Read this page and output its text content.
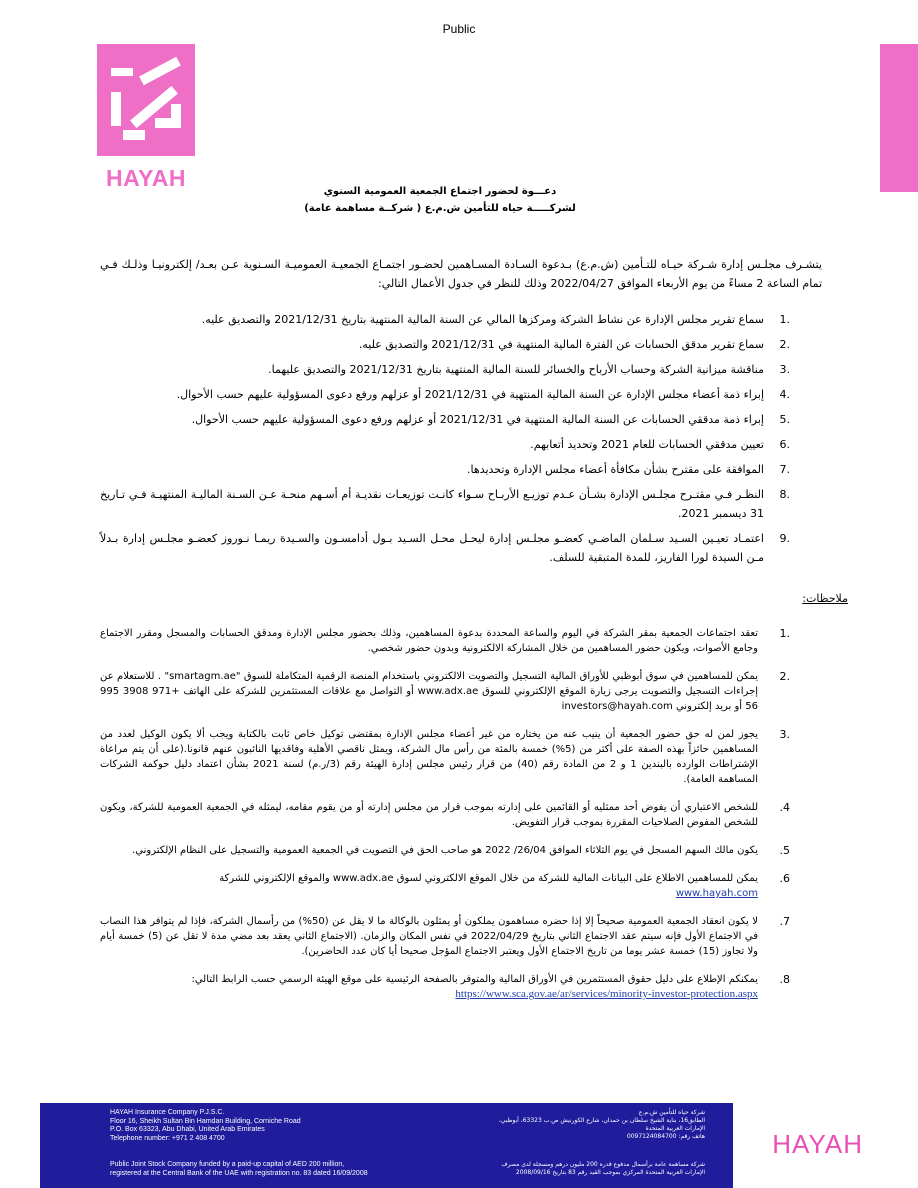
Public
HAYAH
دعـــوة لحضور اجتماع الجمعية العمومية السنوي
لشركـــــة حياه للتأمين ش.م.ع ( شركــة مساهمة عامة)
يتشـرف مجلـس إدارة شـركة حيـاه للتـأمين (ش.م.ع) بـدعوة السـادة المسـاهمين لحضـور اجتمـاع الجمعيـة العموميـة السـنوية عـن بعـد/ إلكترونيـا وذلـك فـي تمام الساعة 2 مساءً من يوم الأربعاء الموافق 2022/04/27 وذلك للنظر في جدول الأعمال التالي:
1.
سماع تقرير مجلس الإدارة عن نشاط الشركة ومركزها المالي عن السنة المالية المنتهية بتاريخ 2021/12/31 والتصديق عليه.
2.
سماع تقرير مدقق الحسابات عن الفترة المالية المنتهية في 2021/12/31 والتصديق عليه.
3.
مناقشة ميزانية الشركة وحساب الأرباح والخسائر للسنة المالية المنتهية بتاريخ 2021/12/31 والتصديق عليهما.
4.
إبراء ذمة أعضاء مجلس الإدارة عن السنة المالية المنتهية في 2021/12/31 أو عزلهم ورفع دعوى المسؤولية عليهم حسب الأحوال.
5.
إبراء ذمة مدققي الحسابات عن السنة المالية المنتهية في 2021/12/31 أو عزلهم ورفع دعوى المسؤولية عليهم حسب الأحوال.
6.
تعيين مدققي الحسابات للعام 2021 وتحديد أتعابهم.
7.
الموافقة على مقترح بشأن مكافأة أعضاء مجلس الإدارة وتحديدها.
8.
النظـر فـي مقتـرح مجلـس الإدارة بشـأن عـدم توزيـع الأربـاح سـواء كانـت توزيعـات نقديـة أم أسـهم منحـة عـن السـنة الماليـة المنتهيـة فـي تـاريخ 31 ديسمبر 2021.
9.
اعتمـاد تعيـين السـيد سـلمان الماضـي كعضـو مجلـس إدارة ليحـل محـل السـيد بـول أدامسـون والسـيدة ريمـا نـوروز كعضـو مجلـس إدارة بـدلاً مـن السيدة لورا الفاريز، للمدة المتبقية للسلف.
ملاحظات:
1.
تعقد اجتماعات الجمعية بمقر الشركة في اليوم والساعة المحددة بدعوة المساهمين، وذلك بحضور مجلس الإدارة ومدقق الحسابات والمسجل ومقرر الاجتماع وجامع الأصوات، ويكون حضور المساهمين من خلال المشاركة الالكترونية وبدون حضور شخصي.
2.
يمكن للمساهمين في سوق أبوظبي للأوراق المالية التسجيل والتصويت الالكتروني باستخدام المنصة الرقمية المتكاملة للسوق "smartagm.ae" . للاستعلام عن إجراءات التسجيل والتصويت يرجى زيارة الموقع الإلكتروني للسوق www.adx.ae أو التواصل مع علاقات المستثمرين للشركة على الهاتف +971 3908 995 56 أو بريد إلكتروني investors@hayah.com
3.
يجوز لمن له حق حضور الجمعية أن ينيب عنه من يختاره من غير أعضاء مجلس الإدارة بمقتضى توكيل خاص ثابت بالكتابة ويجب ألا يكون الوكيل لعدد من المساهمين حائزاً بهذه الصفة على أكثر من (5%) خمسة بالمئة من رأس مال الشركة، ويمثل ناقصي الأهلية وفاقديها النائبون عنهم قانونا.(على أن يتم مراعاة الإشتراطات الوارده بالبندين 1 و 2 من المادة رقم (40) من قرار رئيس مجلس إدارة الهيئة رقم (3/ر.م) لسنة 2021 بشأن اعتماد دليل حوكمة الشركات المساهمة العامة).
.4
للشخص الاعتباري أن يفوض أحد ممثليه أو القائمين على إدارته بموجب قرار من مجلس إدارته أو من يقوم مقامه، ليمثله في الجمعية العمومية للشركة، ويكون للشخص المفوض الصلاحيات المقررة بموجب قرار التفويض.
.5
يكون مالك السهم المسجل في يوم الثلاثاء الموافق 26/04/ 2022 هو صاحب الحق في التصويت في الجمعية العمومية والتسجيل على النظام الإلكتروني.
.6
يمكن للمساهمين الاطلاع على البيانات المالية للشركة من خلال الموقع الالكتروني لسوق www.adx.ae والموقع الإلكتروني للشركة
www.hayah.com
.7
لا يكون انعقاد الجمعية العمومية صحيحاً إلا إذا حضره مساهمون يملكون أو يمثلون بالوكالة ما لا يقل عن (50%) من رأسمال الشركة، فإذا لم يتوافر هذا النصاب في الاجتماع الأول فإنه سيتم عقد الاجتماع الثاني بتاريخ 2022/04/29 في نفس المكان والزمان. (الاجتماع الثاني يعقد بعد مضي مدة لا تقل عن (5) خمسة أيام ولا تجاوز (15) خمسة عشر يوما من تاريخ الاجتماع الأول ويعتبر الاجتماع المؤجل صحيحا أيا كان عدد الحاضرين).
.8
يمكنكم الإطلاع على دليل حقوق المستثمرين في الأوراق المالية والمتوفر بالصفحة الرئيسية على موقع الهيئة الرسمي حسب الرابط التالي:
https://www.sca.gov.ae/ar/services/minority-investor-protection.aspx
HAYAH Insurance Company P.J.S.C.
Floor 16, Sheikh Sultan Bin Hamdan Building, Corniche Road
P.O. Box 63323, Abu Dhabi, United Arab Emirates
Telephone number: +971 2 408 4700
Public Joint Stock Company funded by a paid-up capital of AED 200 million,
registered at the Central Bank of the UAE with registration no. 83 dated 16/09/2008
شركة حياه للتأمين ش.م.ع
الطابق16، بناية الشيخ سلطان بن حمدان، شارع الكورنيش ص.ب 63323، أبوظبي،
الإمارات العربية المتحدة
هاتف رقم: 0097124084700
شركة مساهمة عامة برأسمال مدفوع قدره 200 مليون درهم ومسجلة لدى مصرف
الإمارات العربية المتحدة المركزي بموجب القيد رقم 83 بتاريخ 2008/09/16
HAYAH
